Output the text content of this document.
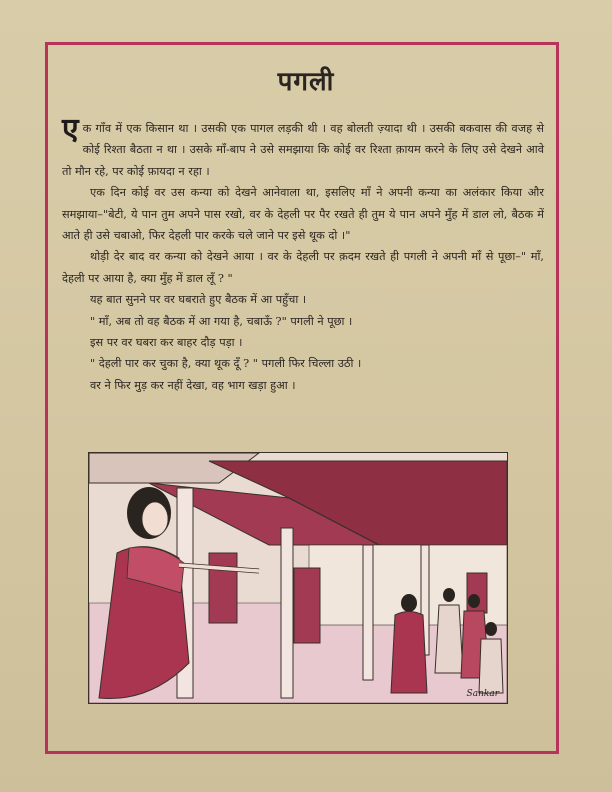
पगली

एक गाँव में एक किसान था । उसकी एक पागल लड़की थी । वह बोलती ज़्यादा थी । उसकी बकवास की वजह से कोई रिश्ता बैठता न था । उसके माँ-बाप ने उसे समझाया कि कोई वर रिश्ता क़ायम करने के लिए उसे देखने आवे तो मौन रहे, पर कोई फ़ायदा न रहा ।

एक दिन कोई वर उस कन्या को देखने आनेवाला था, इसलिए माँ ने अपनी कन्या का अलंकार किया और समझाया–"बेटी, ये पान तुम अपने पास रखो, वर के देहली पर पैर रखते ही तुम ये पान अपने मुँह में डाल लो, बैठक में आते ही उसे चबाओ, फिर देहली पार करके चले जाने पर इसे थूक दो ।"

थोड़ी देर बाद वर कन्या को देखने आया । वर के देहली पर क़दम रखते ही पगली ने अपनी माँ से पूछा–" माँ, देहली पर आया है, क्या मुँह में डाल लूँ ? "

यह बात सुनने पर वर घबराते हुए बैठक में आ पहुँचा ।

" माँ, अब तो वह बैठक में आ गया है, चबाऊँ ?" पगली ने पूछा ।

इस पर वर घबरा कर बाहर दौड़ पड़ा ।

" देहली पार कर चुका है, क्या थूक दूँ ? " पगली फिर चिल्ला उठी ।

वर ने फिर मुड़ कर नहीं देखा, वह भाग खड़ा हुआ ।

Sankar
